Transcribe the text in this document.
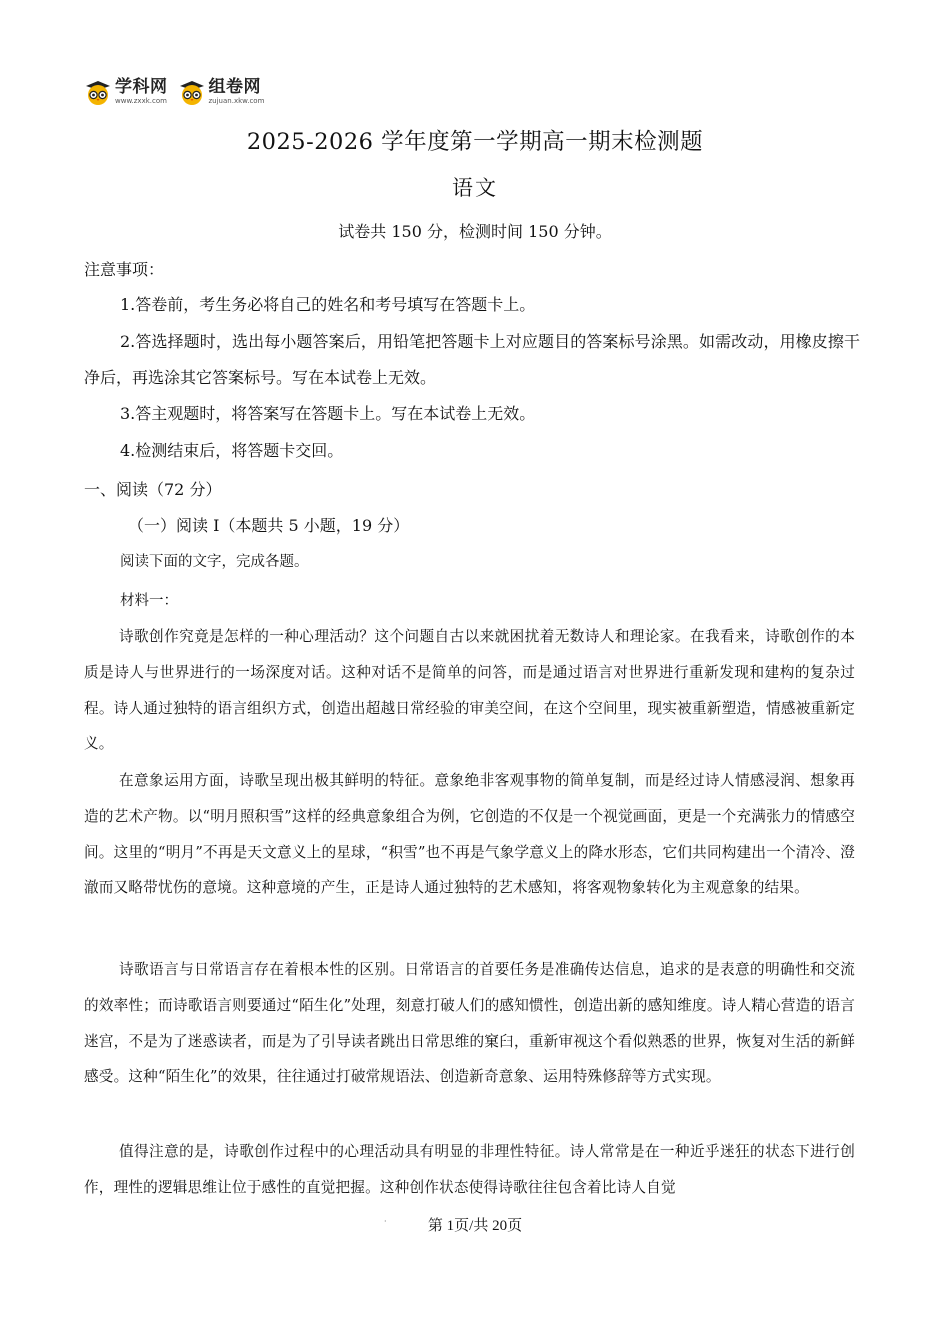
学科网
www.zxxk.com
组卷网
zujuan.xkw.com
2025-2026 学年度第一学期高一期末检测题
语文
试卷共 150 分，检测时间 150 分钟。
注意事项：
1.答卷前，考生务必将自己的姓名和考号填写在答题卡上。
2.答选择题时，选出每小题答案后，用铅笔把答题卡上对应题目的答案标号涂黑。如需改动，用橡皮擦干净后，再选涂其它答案标号。写在本试卷上无效。
3.答主观题时，将答案写在答题卡上。写在本试卷上无效。
4.检测结束后，将答题卡交回。
一、阅读（72 分）
（一）阅读 I（本题共 5 小题，19 分）
阅读下面的文字，完成各题。
材料一：
诗歌创作究竟是怎样的一种心理活动？这个问题自古以来就困扰着无数诗人和理论家。在我看来，诗歌创作的本质是诗人与世界进行的一场深度对话。这种对话不是简单的问答，而是通过语言对世界进行重新发现和建构的复杂过程。诗人通过独特的语言组织方式，创造出超越日常经验的审美空间，在这个空间里，现实被重新塑造，情感被重新定义。
在意象运用方面，诗歌呈现出极其鲜明的特征。意象绝非客观事物的简单复制，而是经过诗人情感浸润、想象再造的艺术产物。以“明月照积雪”这样的经典意象组合为例，它创造的不仅是一个视觉画面，更是一个充满张力的情感空间。这里的“明月”不再是天文意义上的星球，“积雪”也不再是气象学意义上的降水形态，它们共同构建出一个清冷、澄澈而又略带忧伤的意境。这种意境的产生，正是诗人通过独特的艺术感知，将客观物象转化为主观意象的结果。
诗歌语言与日常语言存在着根本性的区别。日常语言的首要任务是准确传达信息，追求的是表意的明确性和交流的效率性；而诗歌语言则要通过“陌生化”处理，刻意打破人们的感知惯性，创造出新的感知维度。诗人精心营造的语言迷宫，不是为了迷惑读者，而是为了引导读者跳出日常思维的窠臼，重新审视这个看似熟悉的世界，恢复对生活的新鲜感受。这种“陌生化”的效果，往往通过打破常规语法、创造新奇意象、运用特殊修辞等方式实现。
值得注意的是，诗歌创作过程中的心理活动具有明显的非理性特征。诗人常常是在一种近乎迷狂的状态下进行创作，理性的逻辑思维让位于感性的直觉把握。这种创作状态使得诗歌往往包含着比诗人自觉
·	第 1页/共 20页
